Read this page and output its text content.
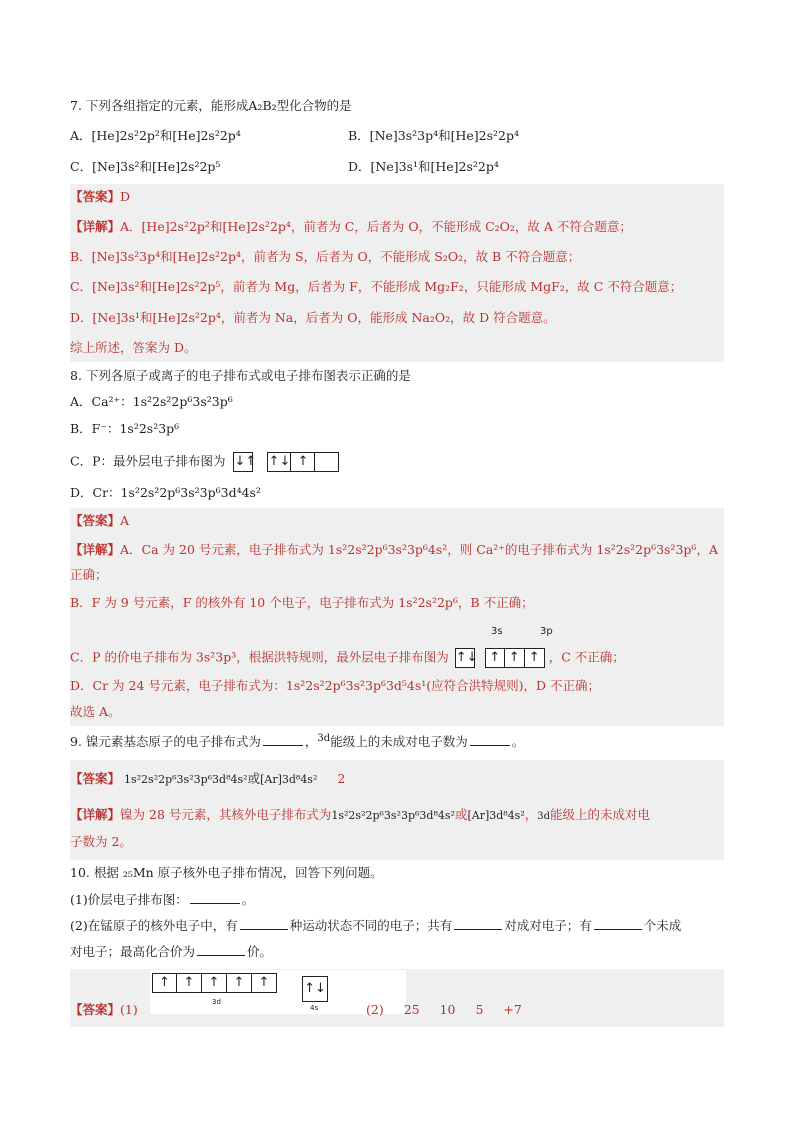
7. 下列各组指定的元素，能形成A₂B₂型化合物的是
A．[He]2s²2p²和[He]2s²2p⁴	B．[Ne]3s²3p⁴和[He]2s²2p⁴
C．[Ne]3s²和[He]2s²2p⁵	D．[Ne]3s¹和[He]2s²2p⁴
【答案】D
【详解】A．[He]2s²2p²和[He]2s²2p⁴，前者为 C，后者为 O，不能形成 C₂O₂，故 A 不符合题意；
B．[Ne]3s²3p⁴和[He]2s²2p⁴，前者为 S，后者为 O，不能形成 S₂O₂，故 B 不符合题意；
C．[Ne]3s²和[He]2s²2p⁵，前者为 Mg，后者为 F，不能形成 Mg₂F₂，只能形成 MgF₂，故 C 不符合题意；
D．[Ne]3s¹和[He]2s²2p⁴，前者为 Na，后者为 O，能形成 Na₂O₂，故 D 符合题意。
综上所述，答案为 D。
8. 下列各原子或离子的电子排布式或电子排布图表示正确的是
A．Ca²⁺：1s²2s²2p⁶3s²3p⁶
B．F⁻：1s²2s²3p⁶
C．P：最外层电子排布图为 ↓↑
↑↓ ↑
D．Cr：1s²2s²2p⁶3s²3p⁶3d⁴4s²
【答案】A
【详解】A．Ca 为 20 号元素，电子排布式为 1s²2s²2p⁶3s²3p⁶4s²，则 Ca²⁺的电子排布式为 1s²2s²2p⁶3s²3p⁶，A
正确；
B．F 为 9 号元素，F 的核外有 10 个电子，电子排布式为 1s²2s²2p⁶，B 不正确；
3s	3p
C．P 的价电子排布为 3s²3p³，根据洪特规则，最外层电子排布图为 ↑↓
↑ ↑ ↑ ，C 不正确；
D．Cr 为 24 号元素，电子排布式为：1s²2s²2p⁶3s²3p⁶3d⁵4s¹(应符合洪特规则)，D 不正确；
故选 A。
9. 镍元素基态原子的电子排布式为	，$^{3d}$能级上的未成对电子数为	。
【答案】 1s²2s²2p⁶3s²3p⁶3d⁸4s²或[Ar]3d⁸4s² 2
【详解】镍为 28 号元素，其核外电子排布式为1s²2s²2p⁶3s²3p⁶3d⁸4s²或[Ar]3d⁸4s²，3d能级上的未成对电
子数为 2。
10. 根据 ₂₅Mn 原子核外电子排布情况，回答下列问题。
(1)价层电子排布图：	。
(2)在锰原子的核外电子中，有	种运动状态不同的电子；共有	对成对电子；有	个未成
对电子；最高化合价为	价。
↑	↑	↑	↑	↑	↑↓
3d
4s
【答案】(1)	(2) 25 10 5 +7
